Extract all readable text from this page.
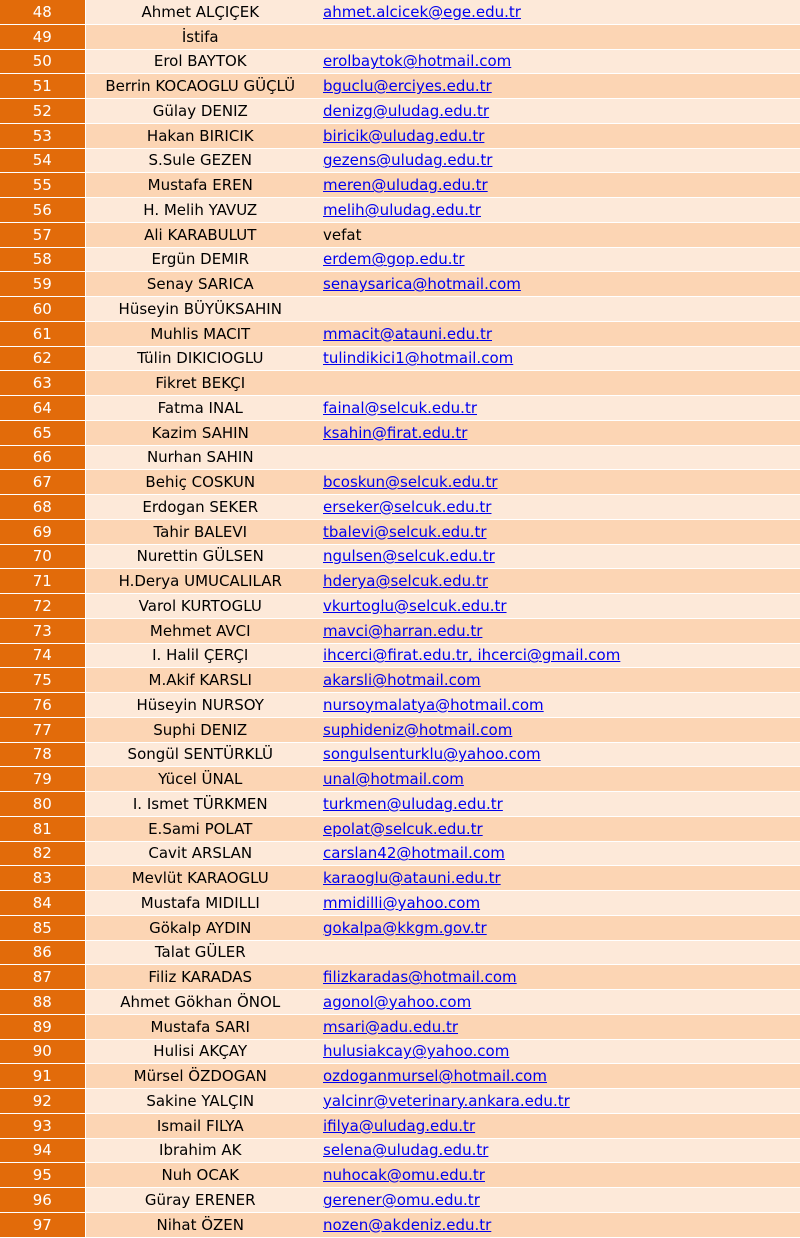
48	Ahmet ALÇIÇEK	ahmet.alcicek@ege.edu.tr
49	İstifa	
50	Erol BAYTOK	erolbaytok@hotmail.com
51	Berrin KOCAOGLU GÜÇLÜ	bguclu@erciyes.edu.tr
52	Gülay DENIZ	denizg@uludag.edu.tr
53	Hakan BIRICIK	biricik@uludag.edu.tr
54	S.Sule GEZEN	gezens@uludag.edu.tr
55	Mustafa EREN	meren@uludag.edu.tr
56	H. Melih YAVUZ	melih@uludag.edu.tr
57	Ali KARABULUT	vefat
58	Ergün DEMIR	erdem@gop.edu.tr
59	Senay SARICA	senaysarica@hotmail.com
60	Hüseyin BÜYÜKSAHIN	
61	Muhlis MACIT	mmacit@atauni.edu.tr
62	Tülin DIKICIOGLU	tulindikici1@hotmail.com
63	Fikret BEKÇI	
64	Fatma INAL	fainal@selcuk.edu.tr
65	Kazim SAHIN	ksahin@firat.edu.tr
66	Nurhan SAHIN	
67	Behiç COSKUN	bcoskun@selcuk.edu.tr
68	Erdogan SEKER	erseker@selcuk.edu.tr
69	Tahir BALEVI	tbalevi@selcuk.edu.tr
70	Nurettin GÜLSEN	ngulsen@selcuk.edu.tr
71	H.Derya UMUCALILAR	hderya@selcuk.edu.tr
72	Varol KURTOGLU	vkurtoglu@selcuk.edu.tr
73	Mehmet AVCI	mavci@harran.edu.tr
74	I. Halil ÇERÇI	ihcerci@firat.edu.tr, ihcerci@gmail.com
75	M.Akif KARSLI	akarsli@hotmail.com
76	Hüseyin NURSOY	nursoymalatya@hotmail.com
77	Suphi DENIZ	suphideniz@hotmail.com
78	Songül SENTÜRKLÜ	songulsenturklu@yahoo.com
79	Yücel ÜNAL	unal@hotmail.com
80	I. Ismet TÜRKMEN	turkmen@uludag.edu.tr
81	E.Sami POLAT	epolat@selcuk.edu.tr
82	Cavit ARSLAN	carslan42@hotmail.com
83	Mevlüt KARAOGLU	karaoglu@atauni.edu.tr
84	Mustafa MIDILLI	mmidilli@yahoo.com
85	Gökalp AYDIN	gokalpa@kkgm.gov.tr
86	Talat GÜLER	
87	Filiz KARADAS	filizkaradas@hotmail.com
88	Ahmet Gökhan ÖNOL	agonol@yahoo.com
89	Mustafa SARI	msari@adu.edu.tr
90	Hulisi AKÇAY	hulusiakcay@yahoo.com
91	Mürsel ÖZDOGAN	ozdoganmursel@hotmail.com
92	Sakine YALÇIN	yalcinr@veterinary.ankara.edu.tr
93	Ismail FILYA	ifilya@uludag.edu.tr
94	Ibrahim AK	selena@uludag.edu.tr
95	Nuh OCAK	nuhocak@omu.edu.tr
96	Güray ERENER	gerener@omu.edu.tr
97	Nihat ÖZEN	nozen@akdeniz.edu.tr
